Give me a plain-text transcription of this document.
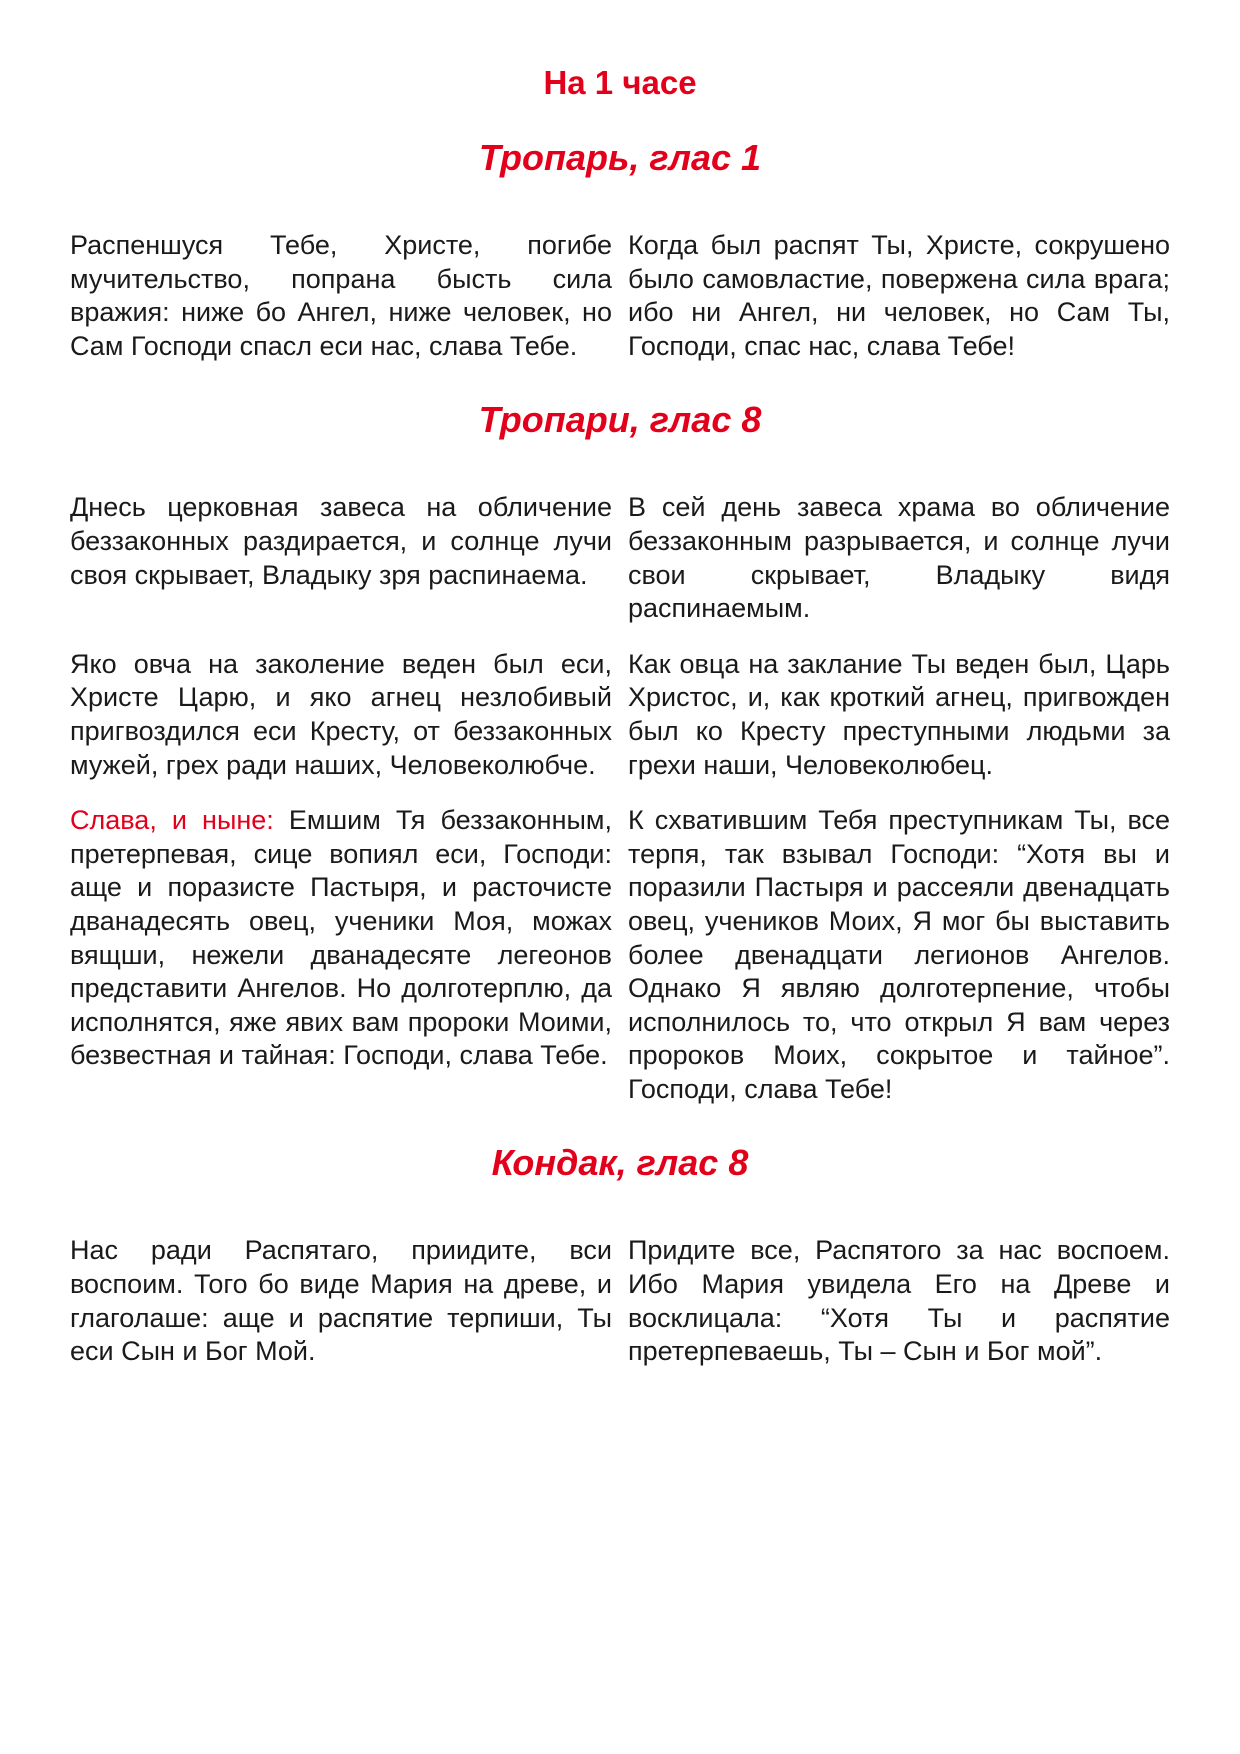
На 1 часе
Тропарь, глас 1

Распеншуся Тебе, Христе, погибе мучительство, попрана бысть сила вражия: ниже бо Ангел, ниже человек, но Сам Господи спасл еси нас, слава Тебе.

Когда был распят Ты, Христе, сокрушено было самовластие, повержена сила врага; ибо ни Ангел, ни человек, но Сам Ты, Господи, спас нас, слава Тебе!

Тропари, глас 8

Днесь церковная завеса на обличение беззаконных раздирается, и солнце лучи своя скрывает, Владыку зря распинаема.

В сей день завеса храма во обличение беззаконным разрывается, и солнце лучи свои скрывает, Владыку видя распинаемым.

Яко овча на заколение веден был еси, Христе Царю, и яко агнец незлобивый пригвоздился еси Кресту, от беззаконных мужей, грех ради наших, Человеколюбче.

Как овца на заклание Ты веден был, Царь Христос, и, как кроткий агнец, пригвожден был ко Кресту преступными людьми за грехи наши, Человеколюбец.

Слава, и ныне: Емшим Тя беззаконным, претерпевая, сице вопиял еси, Господи: аще и поразисте Пастыря, и расточисте дванадесять овец, ученики Моя, можах вящши, нежели дванадесяте легеонов представити Ангелов. Но долготерплю, да исполнятся, яже явих вам пророки Моими, безвестная и тайная: Господи, слава Тебе.

К схватившим Тебя преступникам Ты, все терпя, так взывал Господи: “Хотя вы и поразили Пастыря и рассеяли двенадцать овец, учеников Моих, Я мог бы выставить более двенадцати легионов Ангелов. Однако Я являю долготерпение, чтобы исполнилось то, что открыл Я вам через пророков Моих, сокрытое и тайное”. Господи, слава Тебе!

Кондак, глас 8

Нас ради Распятаго, приидите, вси воспоим. Того бо виде Мария на древе, и глаголаше: аще и распятие терпиши, Ты еси Сын и Бог Мой.

Придите все, Распятого за нас воспоем. Ибо Мария увидела Его на Древе и восклицала: “Хотя Ты и распятие претерпеваешь, Ты – Сын и Бог мой”.
